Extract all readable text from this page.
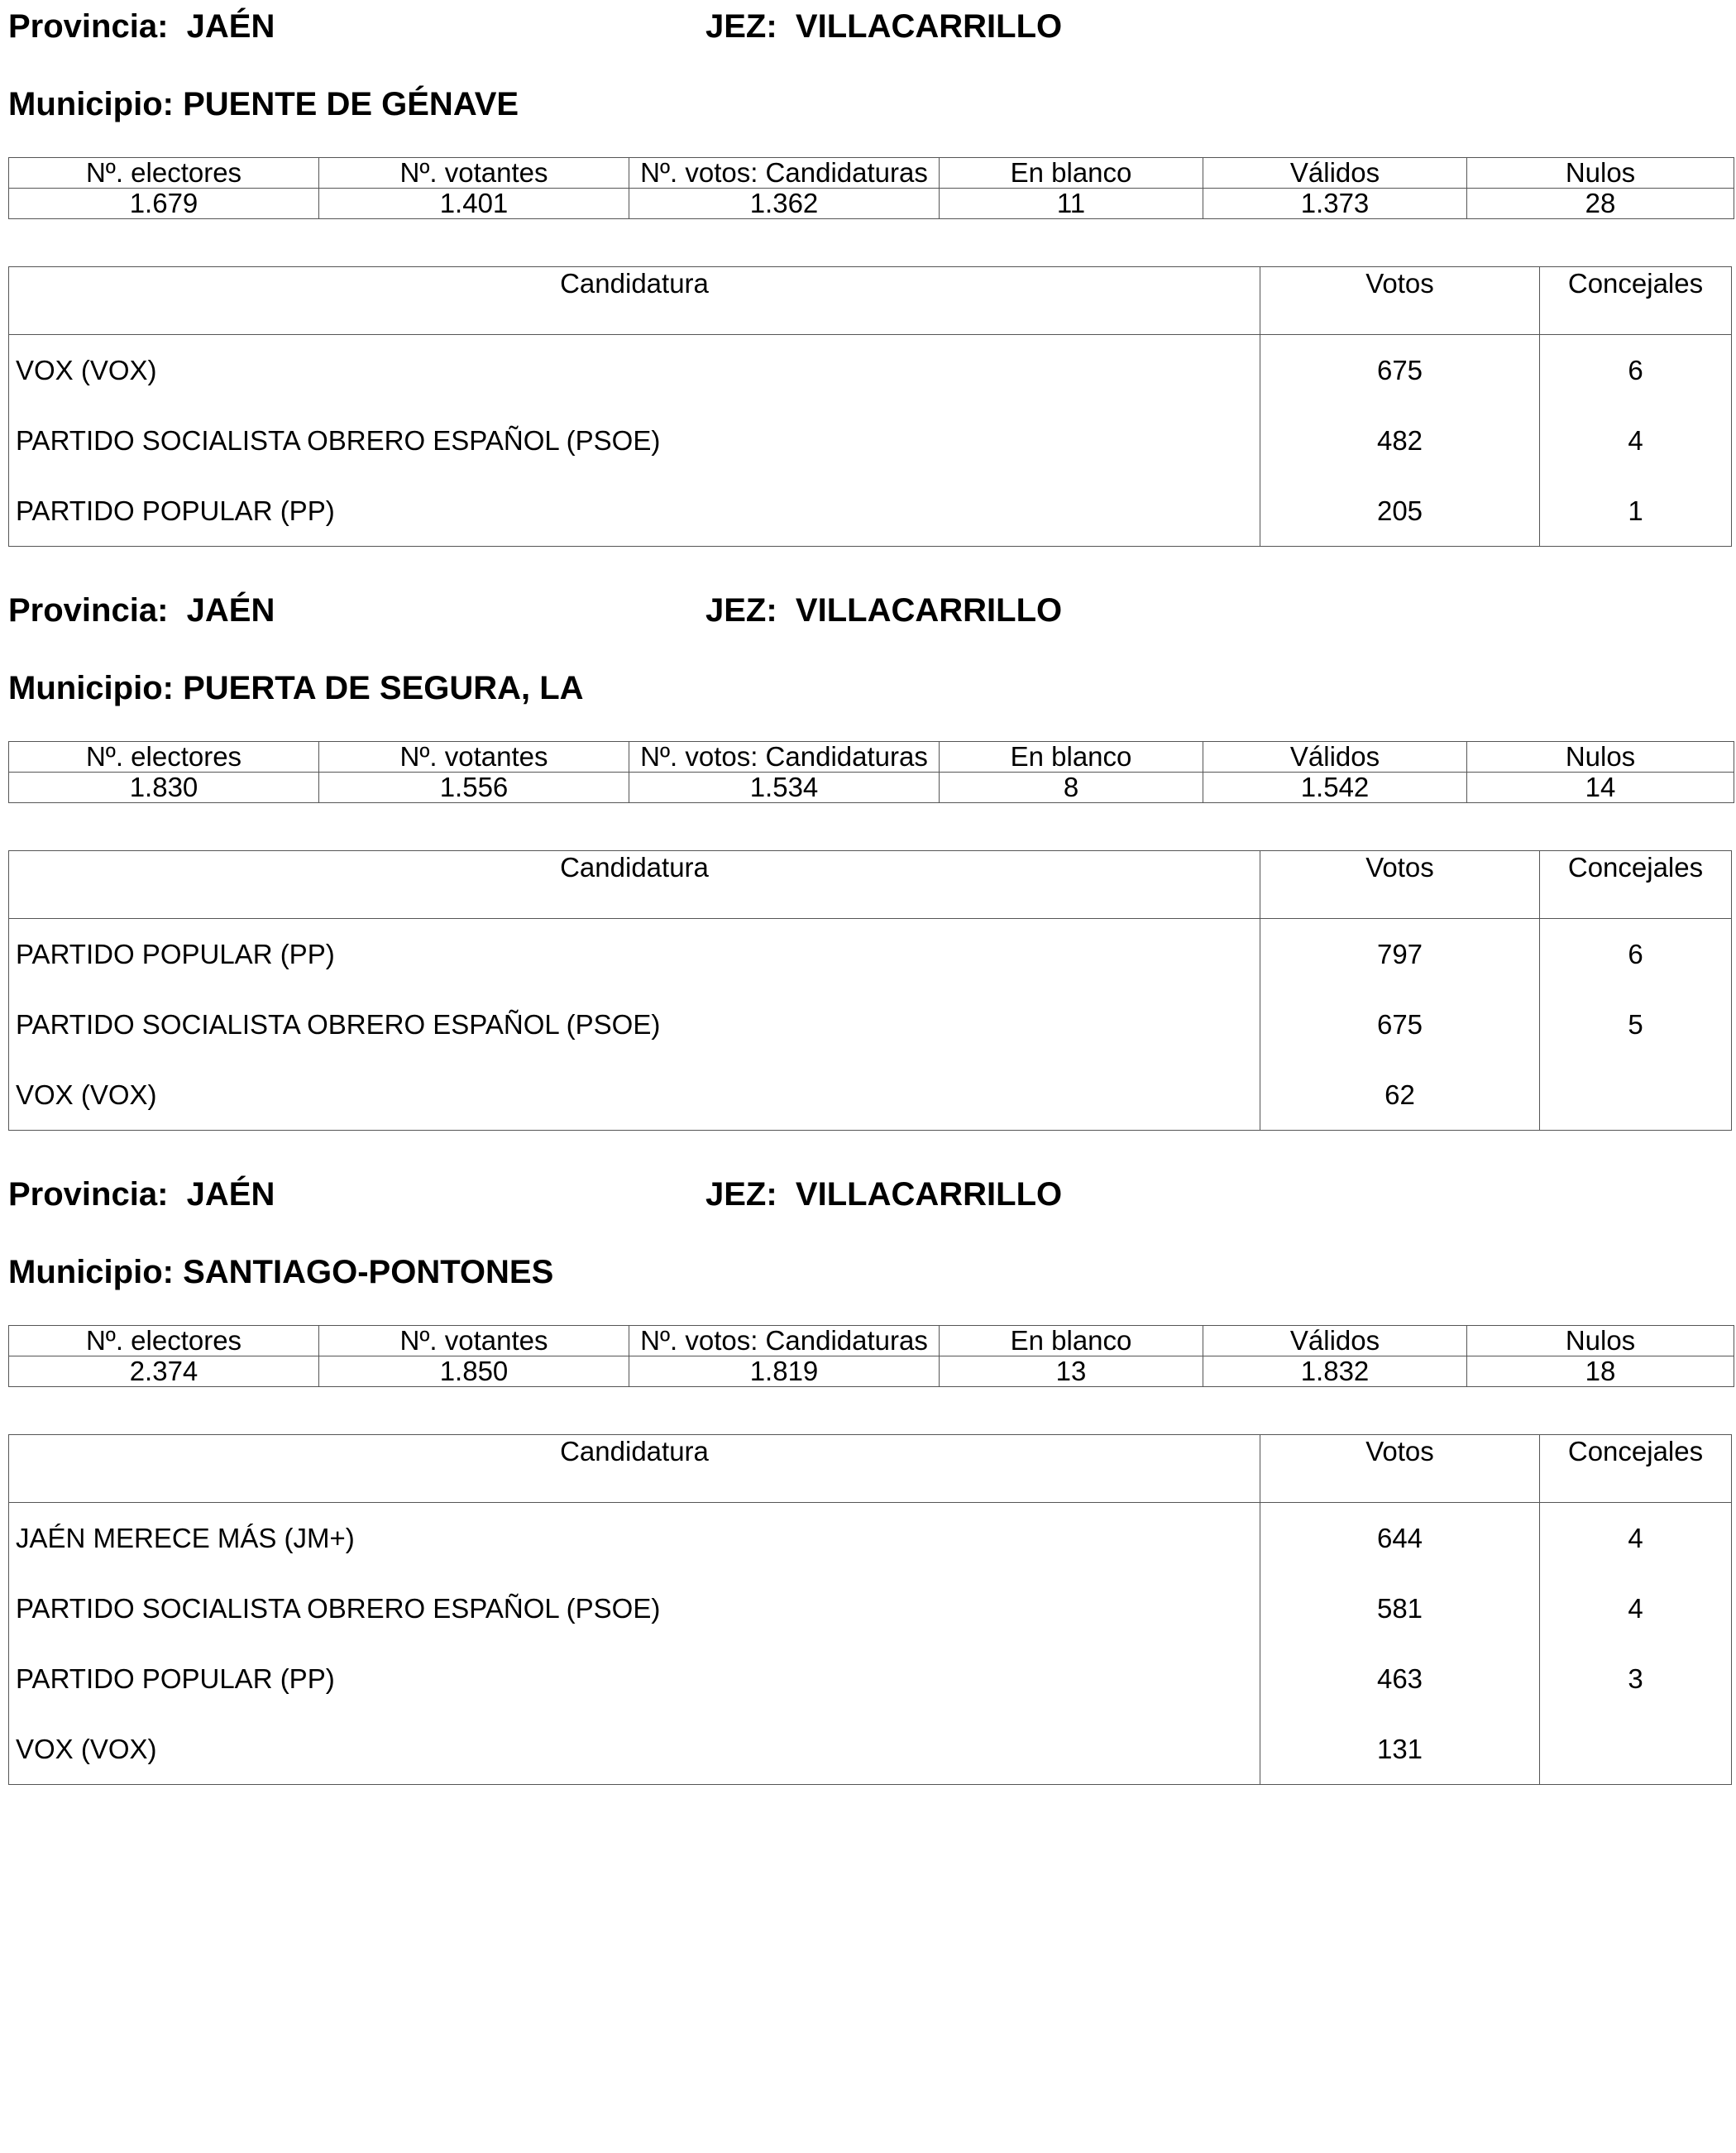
Provincia: JAÉN	JEZ: VILLACARRILLO
Municipio: PUENTE DE GÉNAVE
Nº. electores	Nº. votantes	Nº. votos: Candidaturas	En blanco	Válidos	Nulos
1.679	1.401	1.362	11	1.373	28
Candidatura	Votos	Concejales
VOX (VOX)	675	6
PARTIDO SOCIALISTA OBRERO ESPAÑOL (PSOE)	482	4
PARTIDO POPULAR (PP)	205	1
Provincia: JAÉN	JEZ: VILLACARRILLO
Municipio: PUERTA DE SEGURA, LA
Nº. electores	Nº. votantes	Nº. votos: Candidaturas	En blanco	Válidos	Nulos
1.830	1.556	1.534	8	1.542	14
Candidatura	Votos	Concejales
PARTIDO POPULAR (PP)	797	6
PARTIDO SOCIALISTA OBRERO ESPAÑOL (PSOE)	675	5
VOX (VOX)	62	
Provincia: JAÉN	JEZ: VILLACARRILLO
Municipio: SANTIAGO-PONTONES
Nº. electores	Nº. votantes	Nº. votos: Candidaturas	En blanco	Válidos	Nulos
2.374	1.850	1.819	13	1.832	18
Candidatura	Votos	Concejales
JAÉN MERECE MÁS (JM+)	644	4
PARTIDO SOCIALISTA OBRERO ESPAÑOL (PSOE)	581	4
PARTIDO POPULAR (PP)	463	3
VOX (VOX)	131	
